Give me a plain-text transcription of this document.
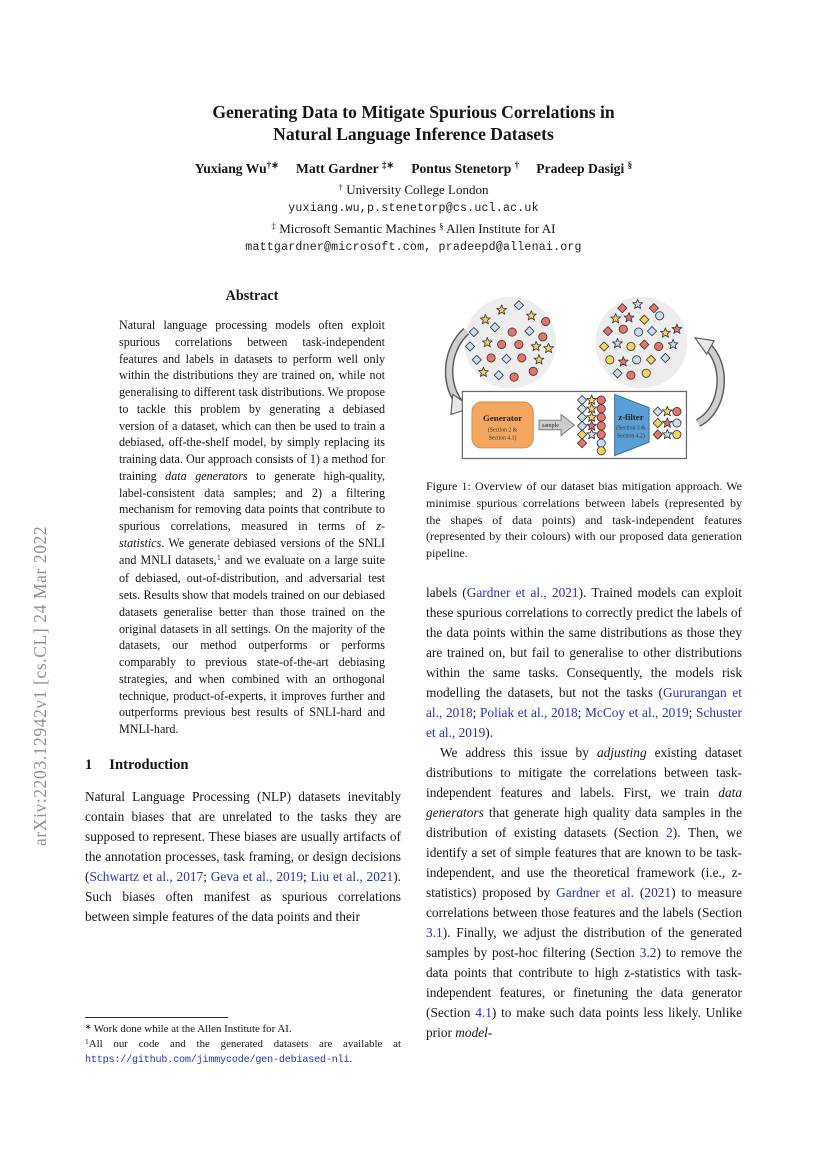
arXiv:2203.12942v1 [cs.CL] 24 Mar 2022
Generating Data to Mitigate Spurious Correlations in
Natural Language Inference Datasets
Yuxiang Wu†∗ Matt Gardner ‡∗ Pontus Stenetorp † Pradeep Dasigi §
† University College London
yuxiang.wu,p.stenetorp@cs.ucl.ac.uk
‡ Microsoft Semantic Machines § Allen Institute for AI
mattgardner@microsoft.com, pradeepd@allenai.org
Abstract

Natural language processing models often exploit spurious correlations between task-independent features and labels in datasets to perform well only within the distributions they are trained on, while not generalising to different task distributions. We propose to tackle this problem by generating a debiased version of a dataset, which can then be used to train a debiased, off-the-shelf model, by simply replacing its training data. Our approach consists of 1) a method for training data generators to generate high-quality, label-consistent data samples; and 2) a filtering mechanism for removing data points that contribute to spurious correlations, measured in terms of z-statistics. We generate debiased versions of the SNLI and MNLI datasets,$^1$ and we evaluate on a large suite of debiased, out-of-distribution, and adversarial test sets. Results show that models trained on our debiased datasets generalise better than those trained on the original datasets in all settings. On the majority of the datasets, our method outperforms or performs comparably to previous state-of-the-art debiasing strategies, and when combined with an orthogonal technique, product-of-experts, it improves further and outperforms previous best results of SNLI-hard and MNLI-hard.

1 Introduction

Natural Language Processing (NLP) datasets inevitably contain biases that are unrelated to the tasks they are supposed to represent. These biases are usually artifacts of the annotation processes, task framing, or design decisions (Schwartz et al., 2017; Geva et al., 2019; Liu et al., 2021). Such biases often manifest as spurious correlations between simple features of the data points and their

∗ Work done while at the Allen Institute for AI.

$^1$All our code and the generated datasets are available at https://github.com/jimmycode/gen-debiased-nli.

Generator
(Section 2 &
Section 4.1)
sample
z-filter
(Section 3 &
Section 4.2)

Figure 1: Overview of our dataset bias mitigation approach. We minimise spurious correlations between labels (represented by the shapes of data points) and task-independent features (represented by their colours) with our proposed data generation pipeline.

labels (Gardner et al., 2021). Trained models can exploit these spurious correlations to correctly predict the labels of the data points within the same distributions as those they are trained on, but fail to generalise to other distributions within the same tasks. Consequently, the models risk modelling the datasets, but not the tasks (Gururangan et al., 2018; Poliak et al., 2018; McCoy et al., 2019; Schuster et al., 2019).

We address this issue by adjusting existing dataset distributions to mitigate the correlations between task-independent features and labels. First, we train data generators that generate high quality data samples in the distribution of existing datasets (Section 2). Then, we identify a set of simple features that are known to be task-independent, and use the theoretical framework (i.e., z-statistics) proposed by Gardner et al. (2021) to measure correlations between those features and the labels (Section 3.1). Finally, we adjust the distribution of the generated samples by post-hoc filtering (Section 3.2) to remove the data points that contribute to high z-statistics with task-independent features, or finetuning the data generator (Section 4.1) to make such data points less likely. Unlike prior model-
